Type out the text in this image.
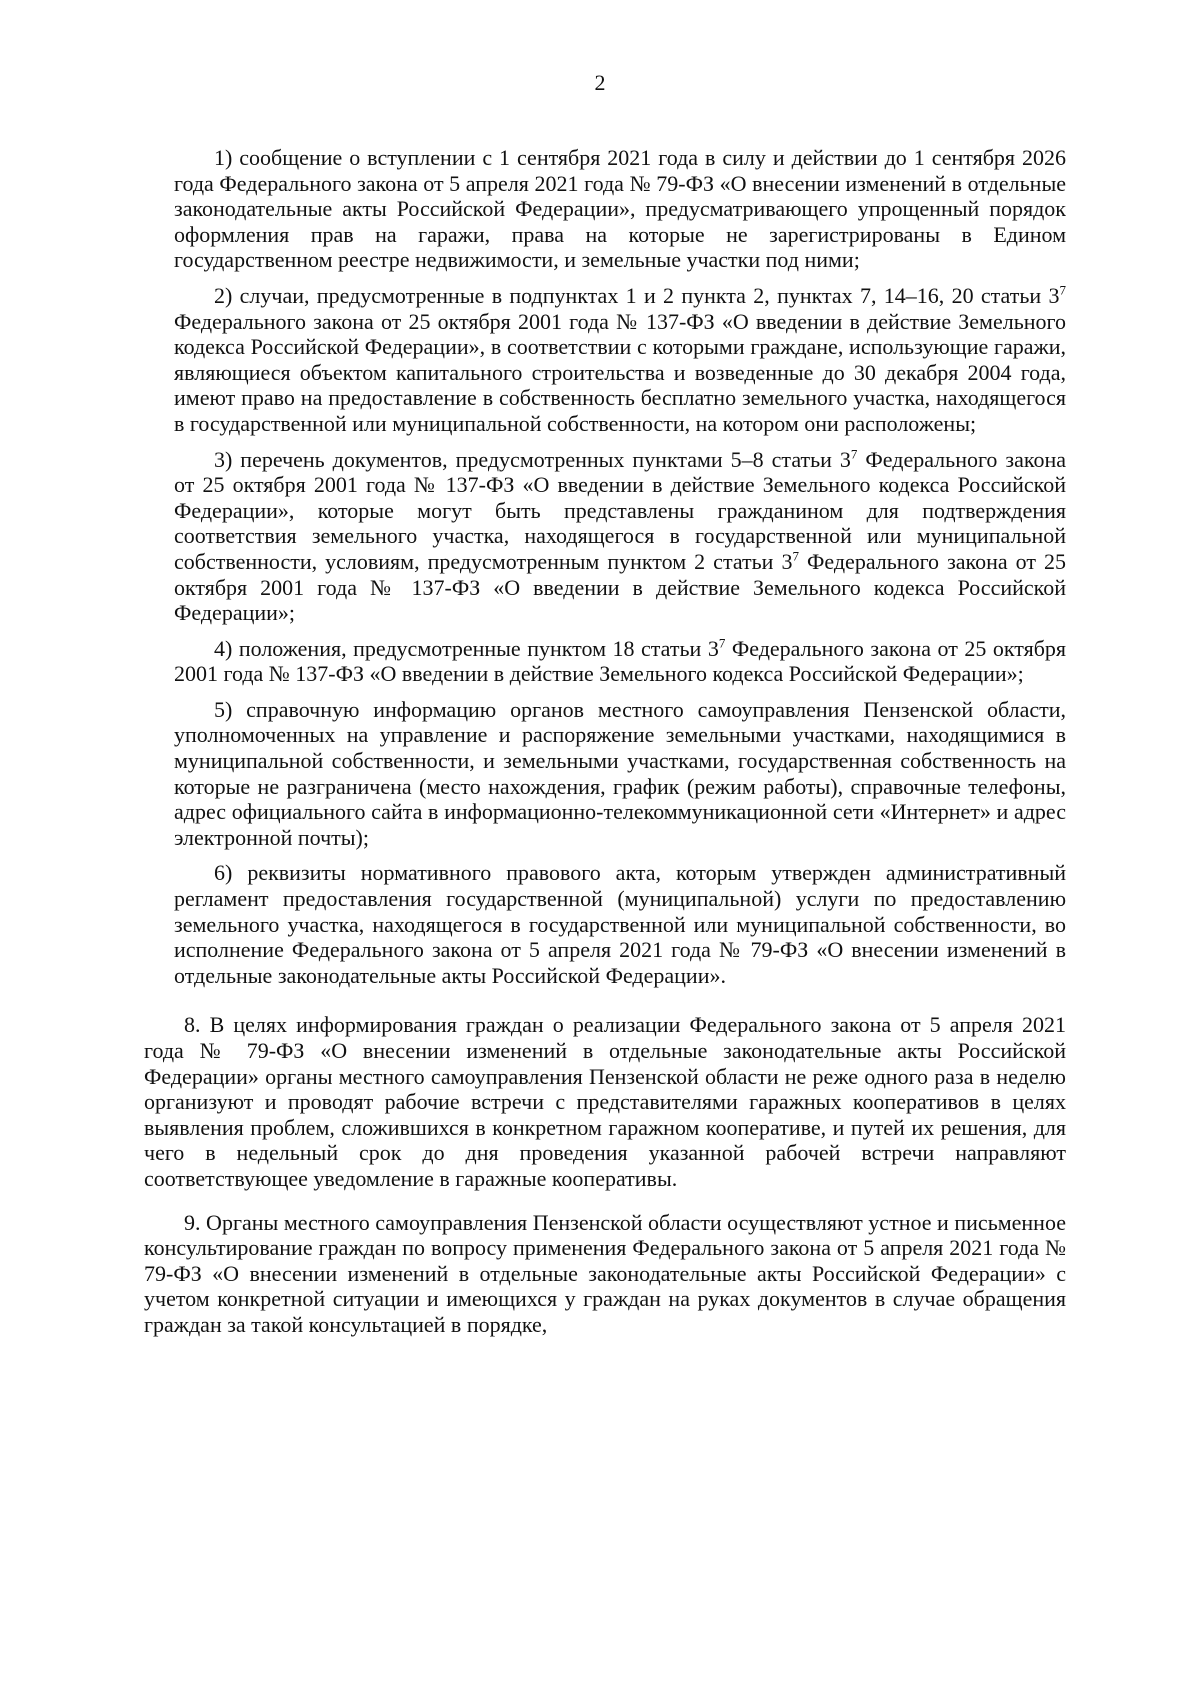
2

1) сообщение о вступлении с 1 сентября 2021 года в силу и действии до 1 сентября 2026 года Федерального закона от 5 апреля 2021 года № 79-ФЗ «О внесении изменений в отдельные законодательные акты Российской Федерации», предусматривающего упрощенный порядок оформления прав на гаражи, права на которые не зарегистрированы в Едином государственном реестре недвижимости, и земельные участки под ними;

2) случаи, предусмотренные в подпунктах 1 и 2 пункта 2, пунктах 7, 14–16, 20 статьи $3^7$ Федерального закона от 25 октября 2001 года № 137-ФЗ «О введении в действие Земельного кодекса Российской Федерации», в соответствии с которыми граждане, использующие гаражи, являющиеся объектом капитального строительства и возведенные до 30 декабря 2004 года, имеют право на предоставление в собственность бесплатно земельного участка, находящегося в государственной или муниципальной собственности, на котором они расположены;

3) перечень документов, предусмотренных пунктами 5–8 статьи $3^7$ Федерального закона от 25 октября 2001 года № 137-ФЗ «О введении в действие Земельного кодекса Российской Федерации», которые могут быть представлены гражданином для подтверждения соответствия земельного участка, находящегося в государственной или муниципальной собственности, условиям, предусмотренным пунктом 2 статьи $3^7$ Федерального закона от 25 октября 2001 года № 137-ФЗ «О введении в действие Земельного кодекса Российской Федерации»;

4) положения, предусмотренные пунктом 18 статьи $3^7$ Федерального закона от 25 октября 2001 года № 137-ФЗ «О введении в действие Земельного кодекса Российской Федерации»;

5) справочную информацию органов местного самоуправления Пензенской области, уполномоченных на управление и распоряжение земельными участками, находящимися в муниципальной собственности, и земельными участками, государственная собственность на которые не разграничена (место нахождения, график (режим работы), справочные телефоны, адрес официального сайта в информационно-телекоммуникационной сети «Интернет» и адрес электронной почты);

6) реквизиты нормативного правового акта, которым утвержден административный регламент предоставления государственной (муниципальной) услуги по предоставлению земельного участка, находящегося в государственной или муниципальной собственности, во исполнение Федерального закона от 5 апреля 2021 года № 79-ФЗ «О внесении изменений в отдельные законодательные акты Российской Федерации».

8. В целях информирования граждан о реализации Федерального закона от 5 апреля 2021 года № 79-ФЗ «О внесении изменений в отдельные законодательные акты Российской Федерации» органы местного самоуправления Пензенской области не реже одного раза в неделю организуют и проводят рабочие встречи с представителями гаражных кооперативов в целях выявления проблем, сложившихся в конкретном гаражном кооперативе, и путей их решения, для чего в недельный срок до дня проведения указанной рабочей встречи направляют соответствующее уведомление в гаражные кооперативы.

9. Органы местного самоуправления Пензенской области осуществляют устное и письменное консультирование граждан по вопросу применения Федерального закона от 5 апреля 2021 года № 79-ФЗ «О внесении изменений в отдельные законодательные акты Российской Федерации» с учетом конкретной ситуации и имеющихся у граждан на руках документов в случае обращения граждан за такой консультацией в порядке,
